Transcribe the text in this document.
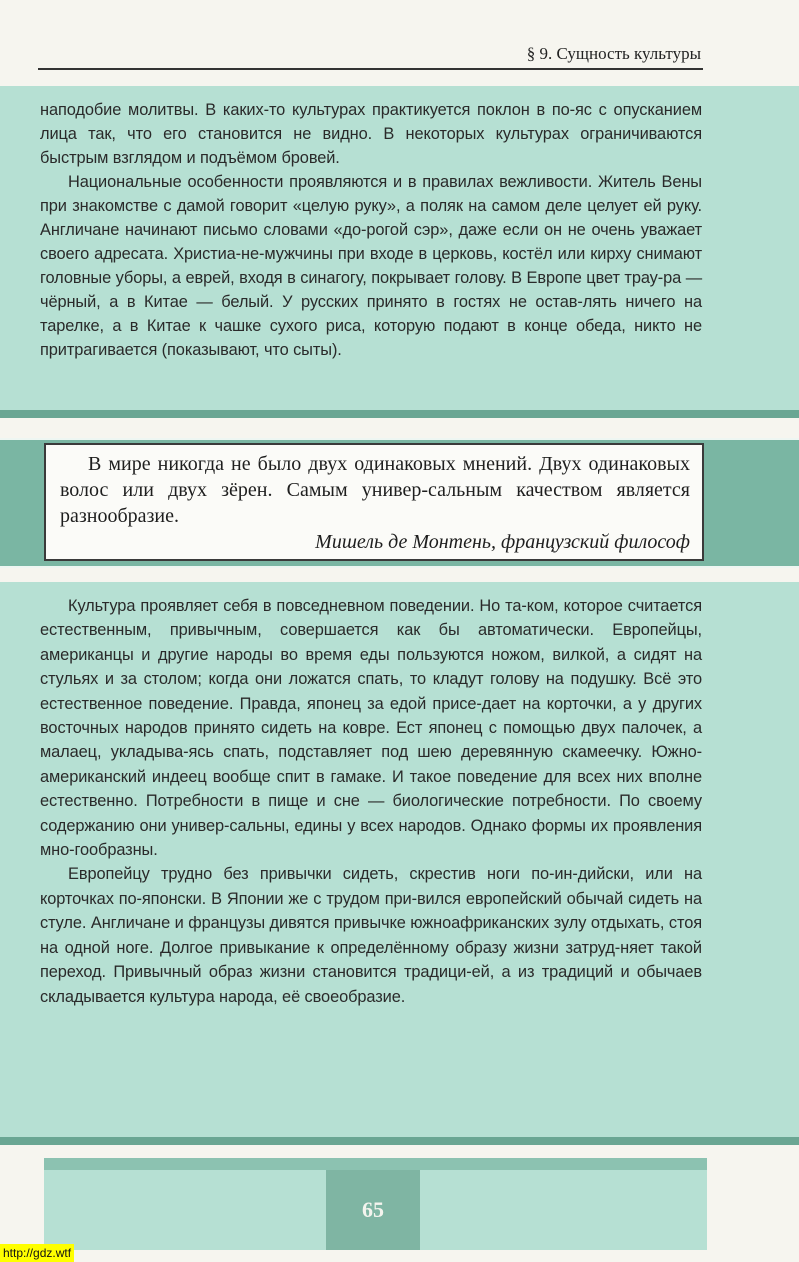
§ 9. Сущность культуры

наподобие молитвы. В каких-то культурах практикуется поклон в по-яс с опусканием лица так, что его становится не видно. В некоторых культурах ограничиваются быстрым взглядом и подъёмом бровей.

Национальные особенности проявляются и в правилах вежливости. Житель Вены при знакомстве с дамой говорит «целую руку», а поляк на самом деле целует ей руку. Англичане начинают письмо словами «до-рогой сэр», даже если он не очень уважает своего адресата. Христиа-не-мужчины при входе в церковь, костёл или кирху снимают головные уборы, а еврей, входя в синагогу, покрывает голову. В Европе цвет трау-ра — чёрный, а в Китае — белый. У русских принято в гостях не остав-лять ничего на тарелке, а в Китае к чашке сухого риса, которую подают в конце обеда, никто не притрагивается (показывают, что сыты).

В мире никогда не было двух одинаковых мнений. Двух одинаковых волос или двух зёрен. Самым универ-сальным качеством является разнообразие.

Мишель де Монтень, французский философ

Культура проявляет себя в повседневном поведении. Но та-ком, которое считается естественным, привычным, совершается как бы автоматически. Европейцы, американцы и другие народы во время еды пользуются ножом, вилкой, а сидят на стульях и за столом; когда они ложатся спать, то кладут голову на подушку. Всё это естественное поведение. Правда, японец за едой присе-дает на корточки, а у других восточных народов принято сидеть на ковре. Ест японец с помощью двух палочек, а малаец, укладыва-ясь спать, подставляет под шею деревянную скамеечку. Южно-американский индеец вообще спит в гамаке. И такое поведение для всех них вполне естественно. Потребности в пище и сне — биологические потребности. По своему содержанию они универ-сальны, едины у всех народов. Однако формы их проявления мно-гообразны.

Европейцу трудно без привычки сидеть, скрестив ноги по-ин-дийски, или на корточках по-японски. В Японии же с трудом при-вился европейский обычай сидеть на стуле. Англичане и французы дивятся привычке южноафриканских зулу отдыхать, стоя на одной ноге. Долгое привыкание к определённому образу жизни затруд-няет такой переход. Привычный образ жизни становится традици-ей, а из традиций и обычаев складывается культура народа, её своеобразие.

65
http://gdz.wtf
